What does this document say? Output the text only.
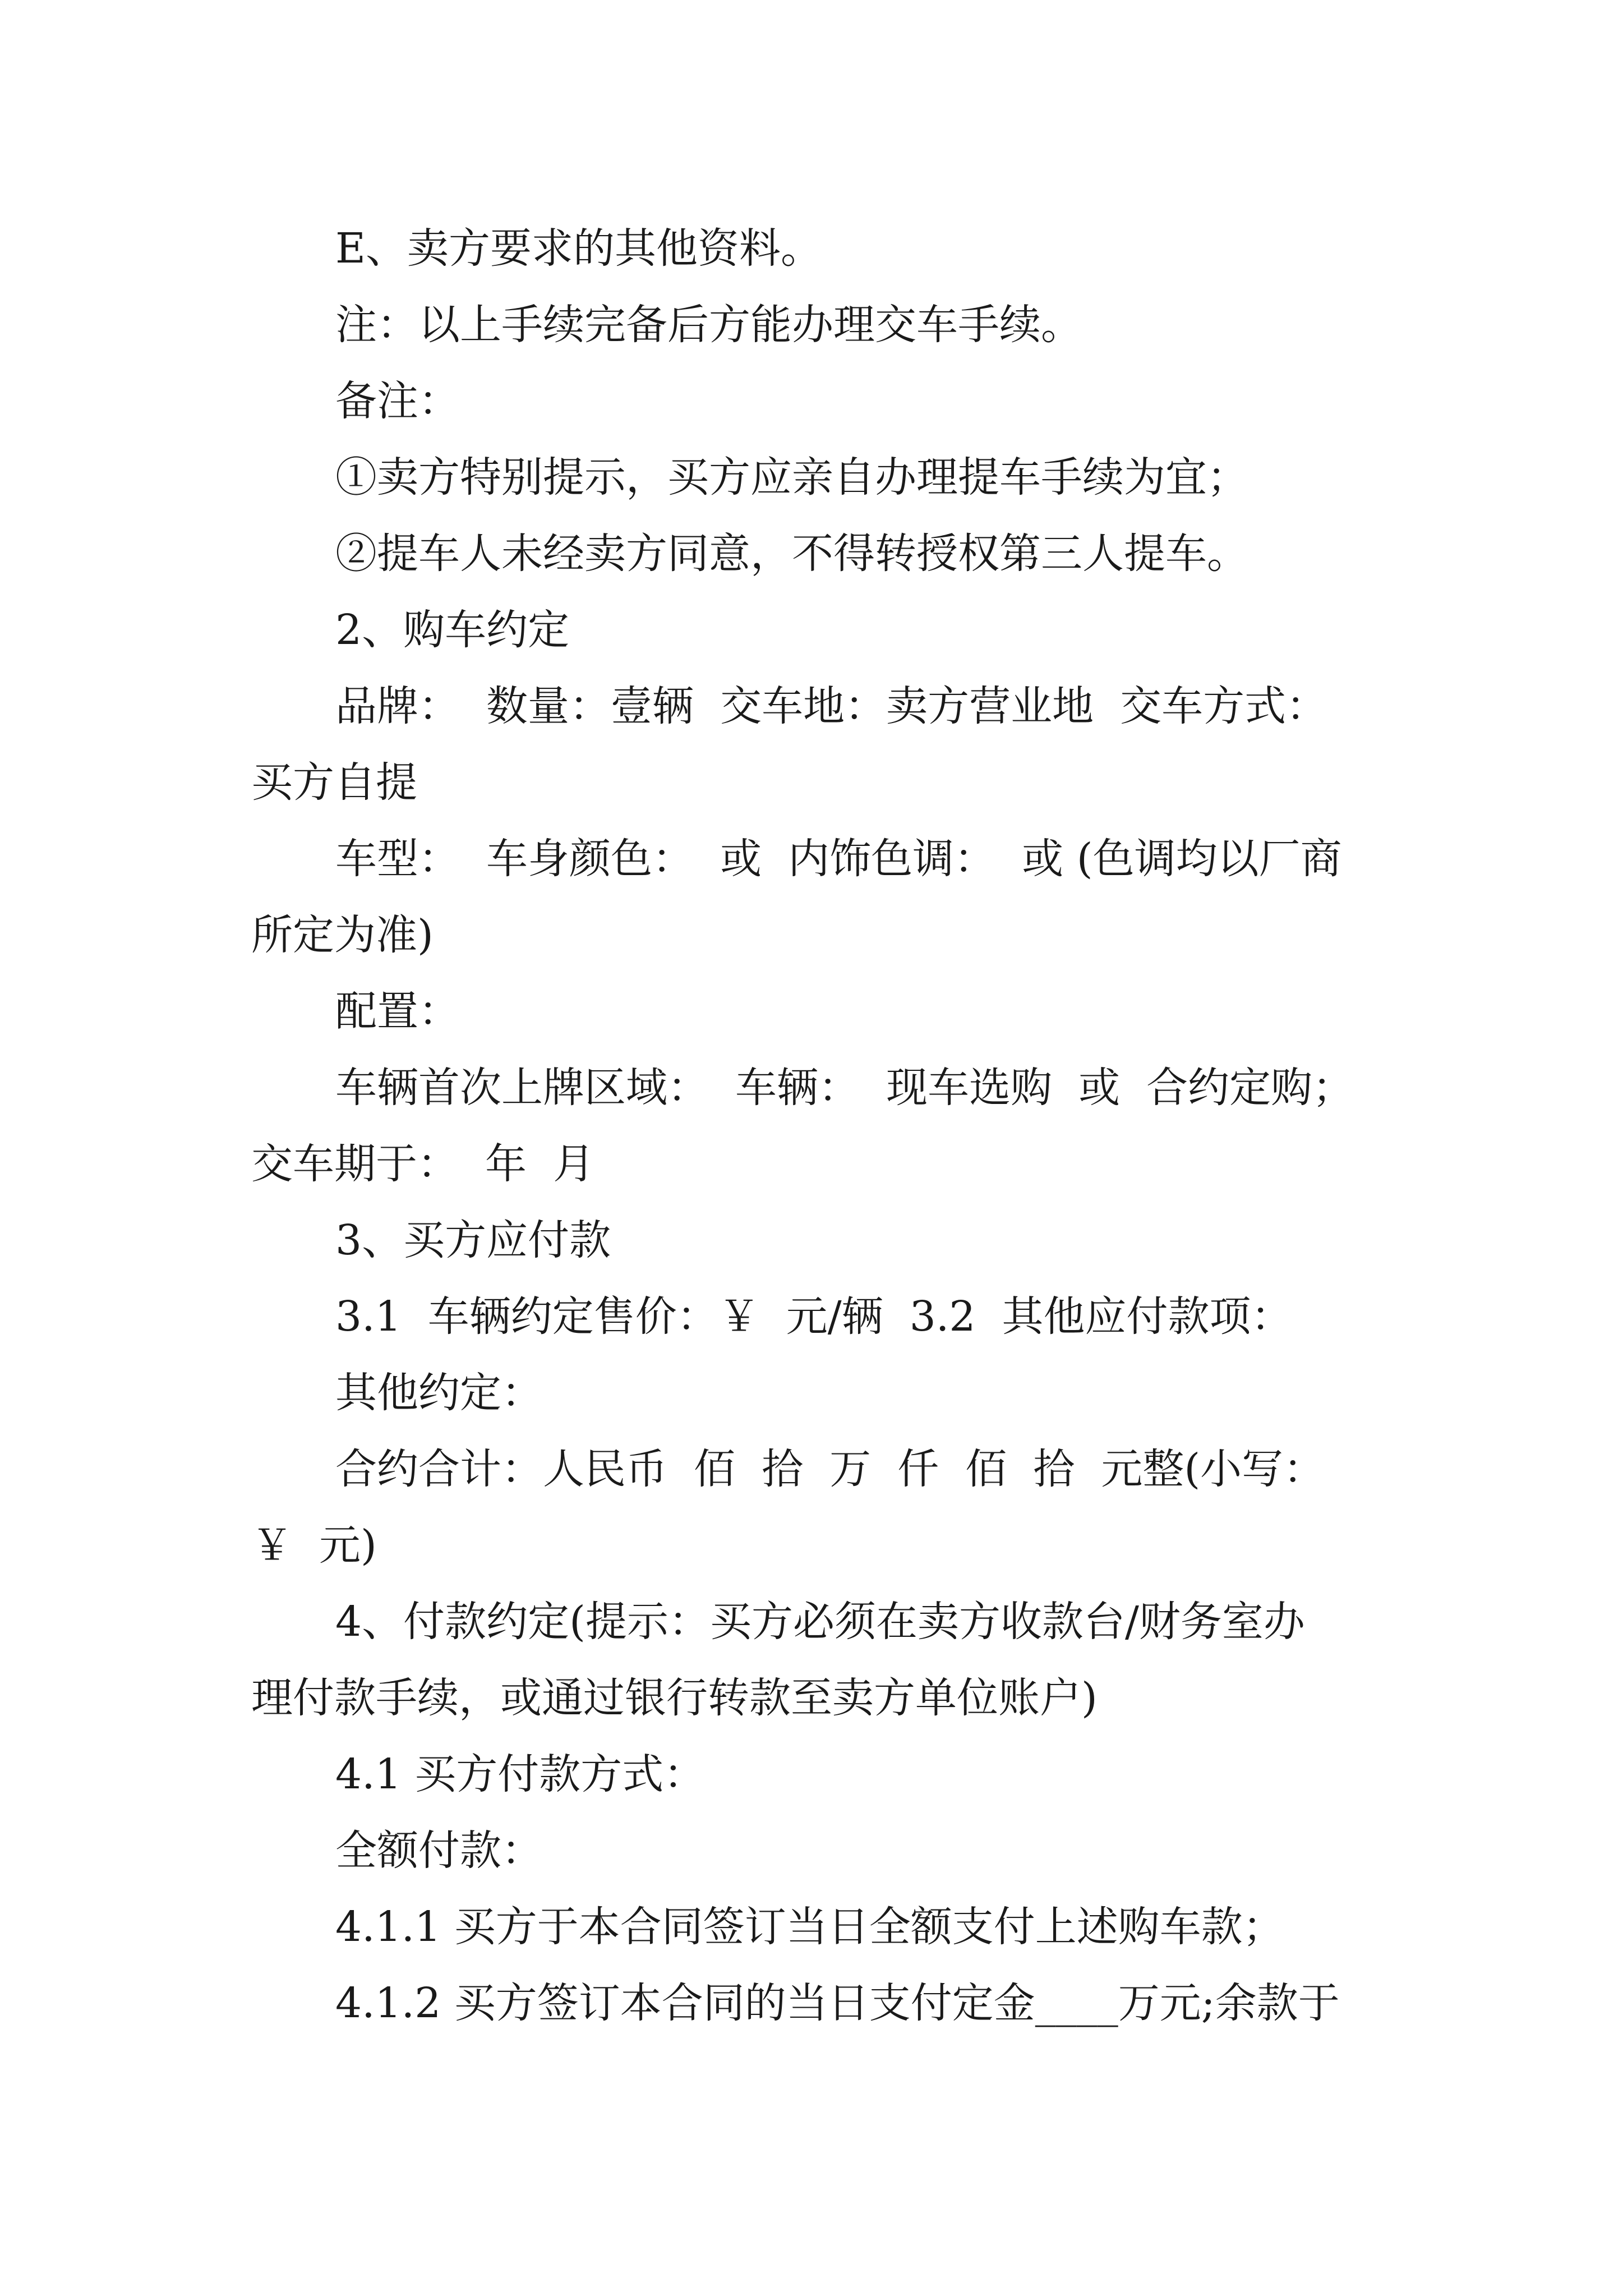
E、卖方要求的其他资料。

注：以上手续完备后方能办理交车手续。

备注：

①卖方特别提示，买方应亲自办理提车手续为宜；

②提车人未经卖方同意，不得转授权第三人提车。

2、购车约定

品牌：  数量：壹辆  交车地：卖方营业地  交车方式：

买方自提

车型：  车身颜色：  或  内饰色调：  或 (色调均以厂商

所定为准)

配置：

车辆首次上牌区域：  车辆：  现车选购  或  合约定购；

交车期于：  年  月

3、买方应付款

3.1  车辆约定售价：￥  元/辆  3.2  其他应付款项：

其他约定：

合约合计：人民币  佰  拾  万  仟  佰  拾  元整(小写：

￥  元)

4、付款约定(提示：买方必须在卖方收款台/财务室办

理付款手续，或通过银行转款至卖方单位账户)

4.1 买方付款方式：

全额付款：

4.1.1 买方于本合同签订当日全额支付上述购车款；

4.1.2 买方签订本合同的当日支付定金____万元;余款于
